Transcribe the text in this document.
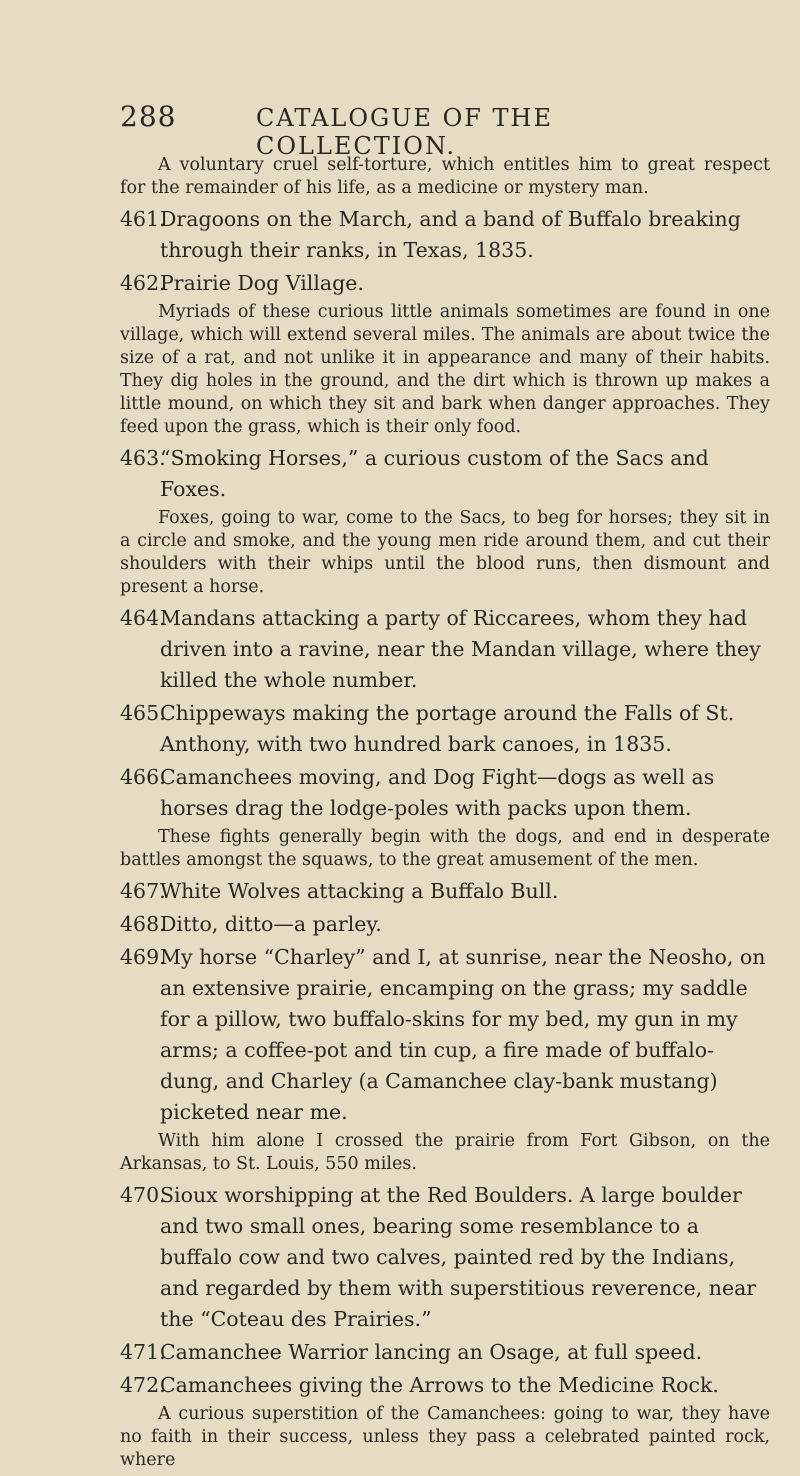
288	CATALOGUE OF THE COLLECTION.

A voluntary cruel self-torture, which entitles him to great respect for the remainder of his life, as a medicine or mystery man.

461.Dragoons on the March, and a band of Buffalo breaking through their ranks, in Texas, 1835.

462.Prairie Dog Village.

Myriads of these curious little animals sometimes are found in one village, which will extend several miles. The animals are about twice the size of a rat, and not unlike it in appearance and many of their habits. They dig holes in the ground, and the dirt which is thrown up makes a little mound, on which they sit and bark when danger approaches. They feed upon the grass, which is their only food.

463.“Smoking Horses,” a curious custom of the Sacs and Foxes.

Foxes, going to war, come to the Sacs, to beg for horses; they sit in a circle and smoke, and the young men ride around them, and cut their shoulders with their whips until the blood runs, then dismount and present a horse.

464.Mandans attacking a party of Riccarees, whom they had driven into a ravine, near the Mandan village, where they killed the whole number.

465.Chippeways making the portage around the Falls of St. Anthony, with two hundred bark canoes, in 1835.

466.Camanchees moving, and Dog Fight—dogs as well as horses drag the lodge-poles with packs upon them.

These fights generally begin with the dogs, and end in desperate battles amongst the squaws, to the great amusement of the men.

467.White Wolves attacking a Buffalo Bull.

468.Ditto, ditto—a parley.

469.My horse “Charley” and I, at sunrise, near the Neosho, on an extensive prairie, encamping on the grass; my saddle for a pillow, two buffalo-skins for my bed, my gun in my arms; a coffee-pot and tin cup, a fire made of buffalo-dung, and Charley (a Camanchee clay-bank mustang) picketed near me.

With him alone I crossed the prairie from Fort Gibson, on the Arkansas, to St. Louis, 550 miles.

470.Sioux worshipping at the Red Boulders. A large boulder and two small ones, bearing some resemblance to a buffalo cow and two calves, painted red by the Indians, and regarded by them with superstitious reverence, near the “Coteau des Prairies.”

471.Camanchee Warrior lancing an Osage, at full speed.

472.Camanchees giving the Arrows to the Medicine Rock.

A curious superstition of the Camanchees: going to war, they have no faith in their success, unless they pass a celebrated painted rock, where
